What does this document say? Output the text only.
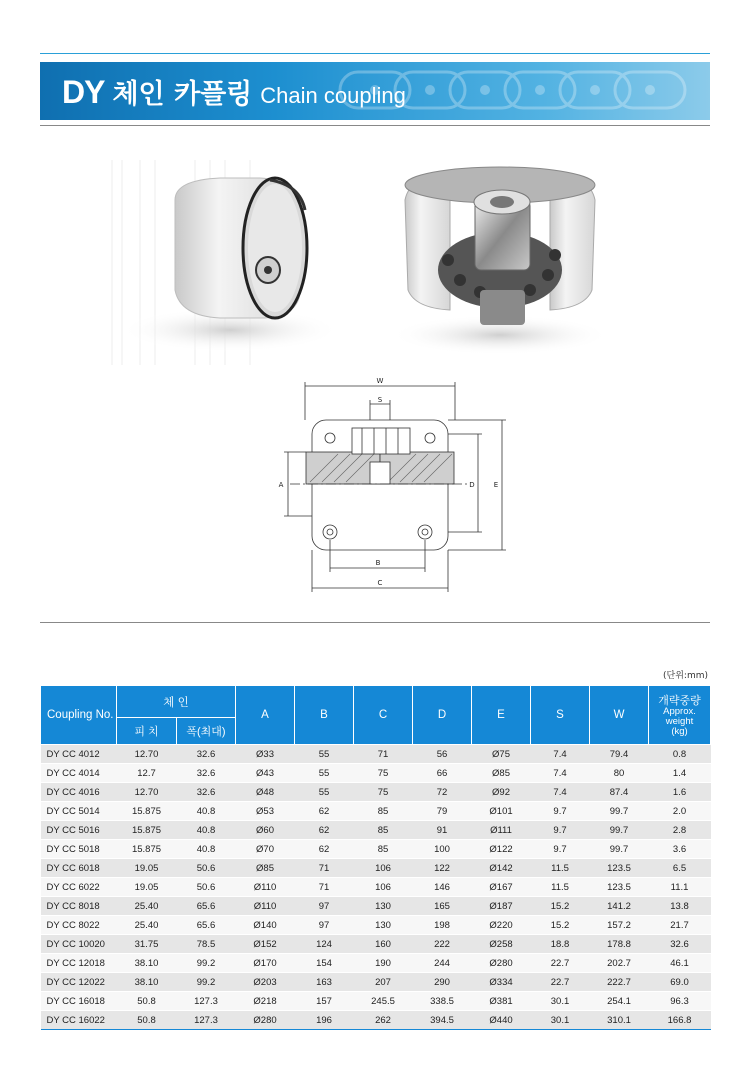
DY 체인 카플링 Chain coupling
W
S
A
B
C
D	E
(단위:mm)
Coupling No.	체 인		A	B	C	D	E	S	W	개략중량
Approx.
weight
(kg)

	피 치	폭(최대)								
DY CC 4012	12.70	32.6	Ø33	55	71	56	Ø75	7.4	79.4	0.8
DY CC 4014	12.7	32.6	Ø43	55	75	66	Ø85	7.4	80	1.4
DY CC 4016	12.70	32.6	Ø48	55	75	72	Ø92	7.4	87.4	1.6
DY CC 5014	15.875	40.8	Ø53	62	85	79	Ø101	9.7	99.7	2.0
DY CC 5016	15.875	40.8	Ø60	62	85	91	Ø111	9.7	99.7	2.8
DY CC 5018	15.875	40.8	Ø70	62	85	100	Ø122	9.7	99.7	3.6
DY CC 6018	19.05	50.6	Ø85	71	106	122	Ø142	11.5	123.5	6.5
DY CC 6022	19.05	50.6	Ø110	71	106	146	Ø167	11.5	123.5	11.1
DY CC 8018	25.40	65.6	Ø110	97	130	165	Ø187	15.2	141.2	13.8
DY CC 8022	25.40	65.6	Ø140	97	130	198	Ø220	15.2	157.2	21.7
DY CC 10020	31.75	78.5	Ø152	124	160	222	Ø258	18.8	178.8	32.6
DY CC 12018	38.10	99.2	Ø170	154	190	244	Ø280	22.7	202.7	46.1
DY CC 12022	38.10	99.2	Ø203	163	207	290	Ø334	22.7	222.7	69.0
DY CC 16018	50.8	127.3	Ø218	157	245.5	338.5	Ø381	30.1	254.1	96.3
DY CC 16022	50.8	127.3	Ø280	196	262	394.5	Ø440	30.1	310.1	166.8
